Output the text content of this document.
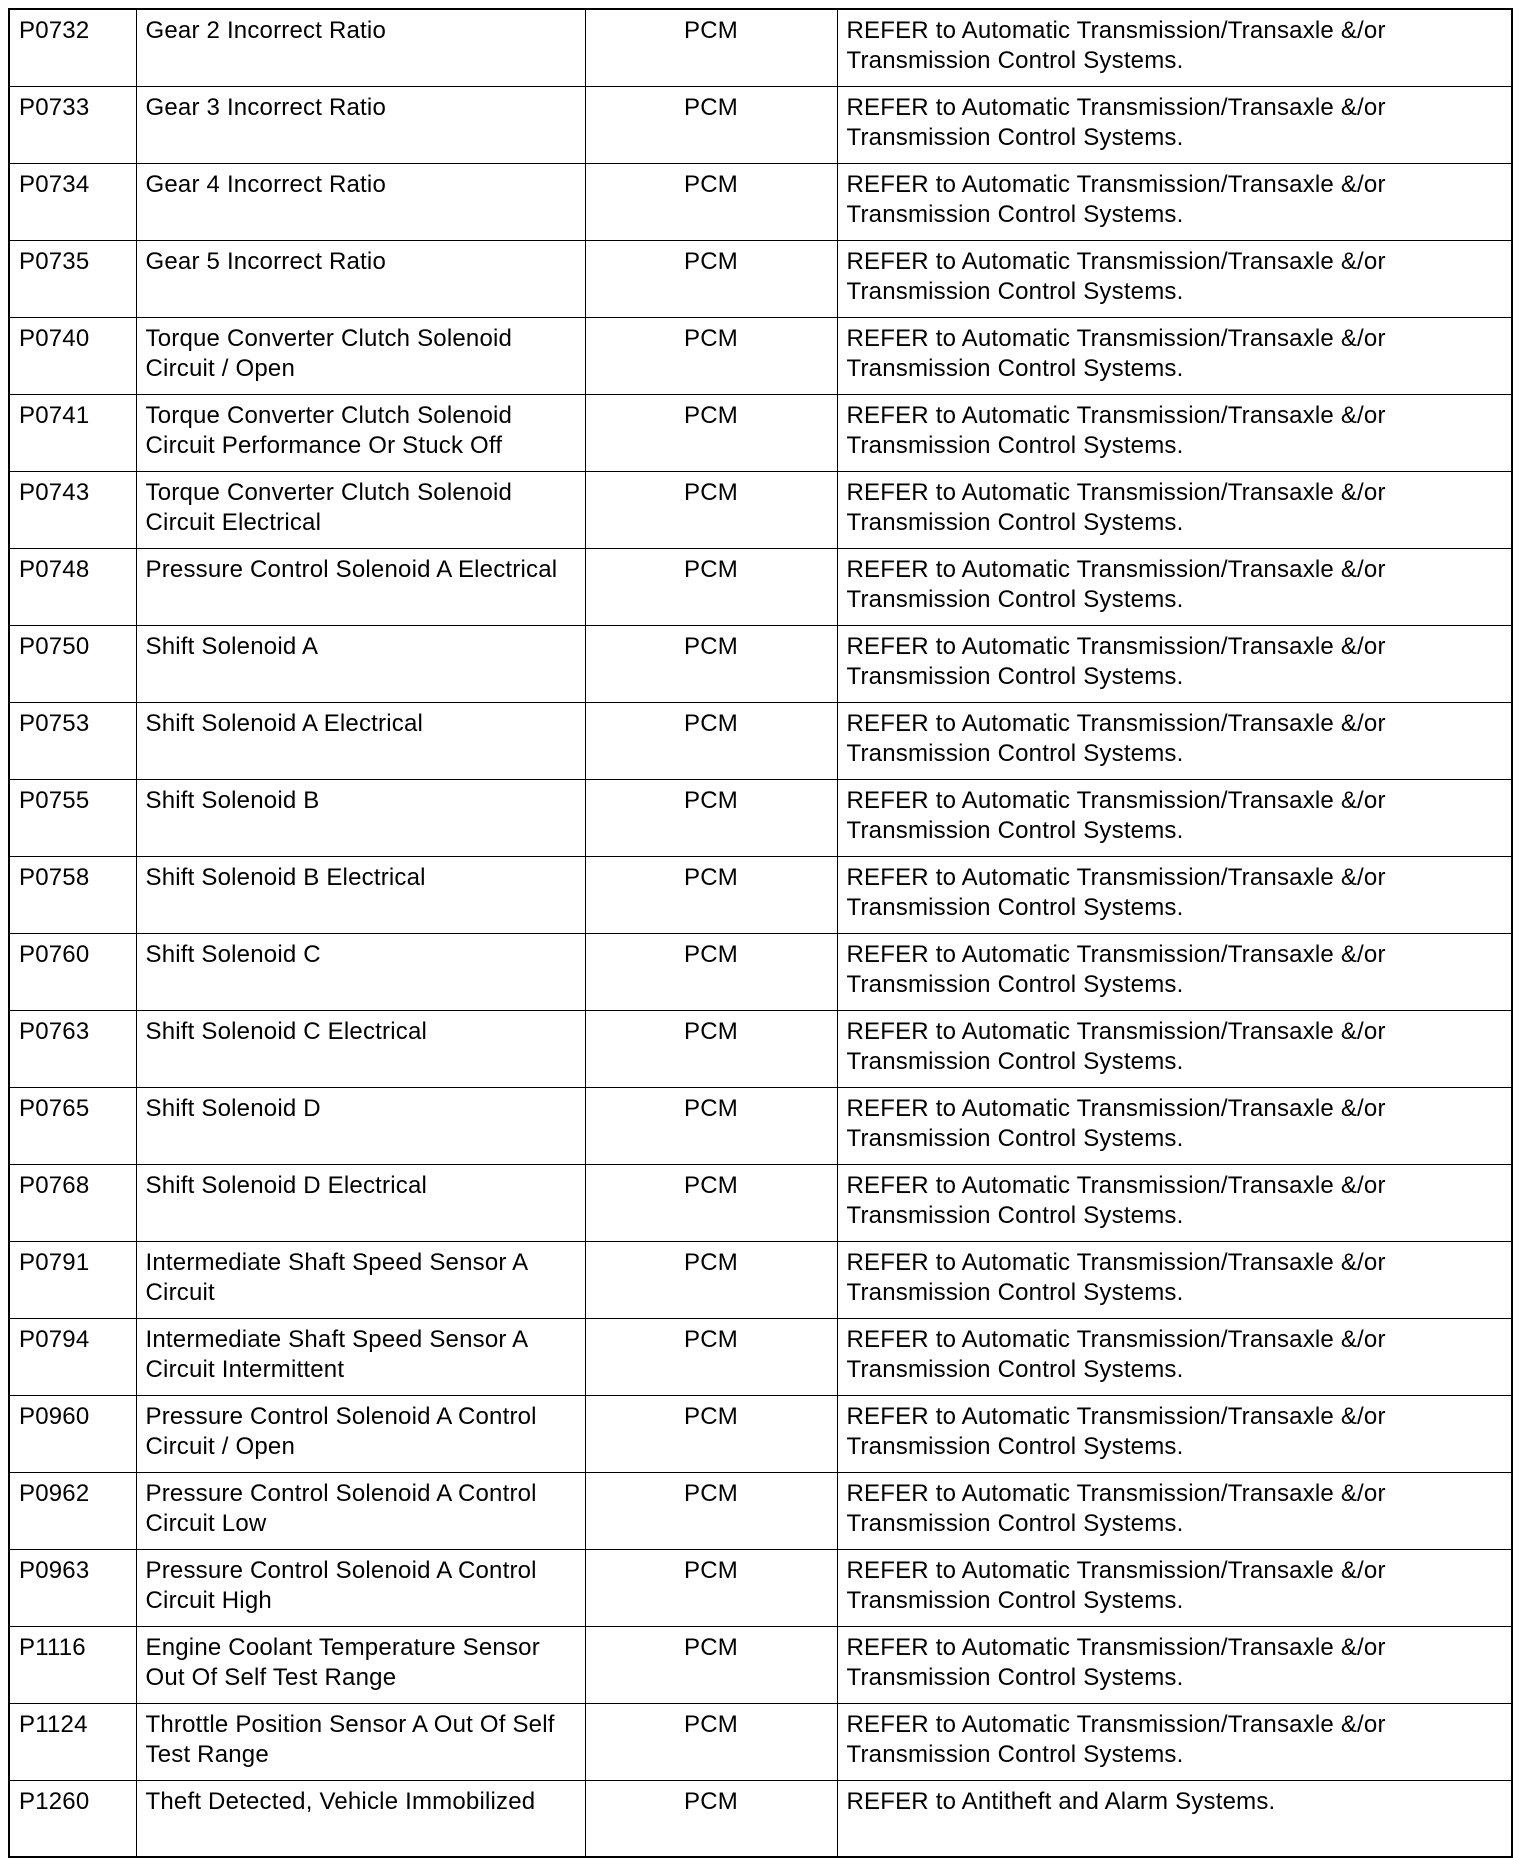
P0732	Gear 2 Incorrect Ratio	PCM	REFER to Automatic Transmission/Transaxle &/or Transmission Control Systems.
P0733	Gear 3 Incorrect Ratio	PCM	REFER to Automatic Transmission/Transaxle &/or Transmission Control Systems.
P0734	Gear 4 Incorrect Ratio	PCM	REFER to Automatic Transmission/Transaxle &/or Transmission Control Systems.
P0735	Gear 5 Incorrect Ratio	PCM	REFER to Automatic Transmission/Transaxle &/or Transmission Control Systems.
P0740	Torque Converter Clutch Solenoid Circuit / Open	PCM	REFER to Automatic Transmission/Transaxle &/or Transmission Control Systems.
P0741	Torque Converter Clutch Solenoid Circuit Performance Or Stuck Off	PCM	REFER to Automatic Transmission/Transaxle &/or Transmission Control Systems.
P0743	Torque Converter Clutch Solenoid Circuit Electrical	PCM	REFER to Automatic Transmission/Transaxle &/or Transmission Control Systems.
P0748	Pressure Control Solenoid A Electrical	PCM	REFER to Automatic Transmission/Transaxle &/or Transmission Control Systems.
P0750	Shift Solenoid A	PCM	REFER to Automatic Transmission/Transaxle &/or Transmission Control Systems.
P0753	Shift Solenoid A Electrical	PCM	REFER to Automatic Transmission/Transaxle &/or Transmission Control Systems.
P0755	Shift Solenoid B	PCM	REFER to Automatic Transmission/Transaxle &/or Transmission Control Systems.
P0758	Shift Solenoid B Electrical	PCM	REFER to Automatic Transmission/Transaxle &/or Transmission Control Systems.
P0760	Shift Solenoid C	PCM	REFER to Automatic Transmission/Transaxle &/or Transmission Control Systems.
P0763	Shift Solenoid C Electrical	PCM	REFER to Automatic Transmission/Transaxle &/or Transmission Control Systems.
P0765	Shift Solenoid D	PCM	REFER to Automatic Transmission/Transaxle &/or Transmission Control Systems.
P0768	Shift Solenoid D Electrical	PCM	REFER to Automatic Transmission/Transaxle &/or Transmission Control Systems.
P0791	Intermediate Shaft Speed Sensor A Circuit	PCM	REFER to Automatic Transmission/Transaxle &/or Transmission Control Systems.
P0794	Intermediate Shaft Speed Sensor A Circuit Intermittent	PCM	REFER to Automatic Transmission/Transaxle &/or Transmission Control Systems.
P0960	Pressure Control Solenoid A Control Circuit / Open	PCM	REFER to Automatic Transmission/Transaxle &/or Transmission Control Systems.
P0962	Pressure Control Solenoid A Control Circuit Low	PCM	REFER to Automatic Transmission/Transaxle &/or Transmission Control Systems.
P0963	Pressure Control Solenoid A Control Circuit High	PCM	REFER to Automatic Transmission/Transaxle &/or Transmission Control Systems.
P1116	Engine Coolant Temperature Sensor Out Of Self Test Range	PCM	REFER to Automatic Transmission/Transaxle &/or Transmission Control Systems.
P1124	Throttle Position Sensor A Out Of Self Test Range	PCM	REFER to Automatic Transmission/Transaxle &/or Transmission Control Systems.
P1260	Theft Detected, Vehicle Immobilized	PCM	REFER to Antitheft and Alarm Systems.
